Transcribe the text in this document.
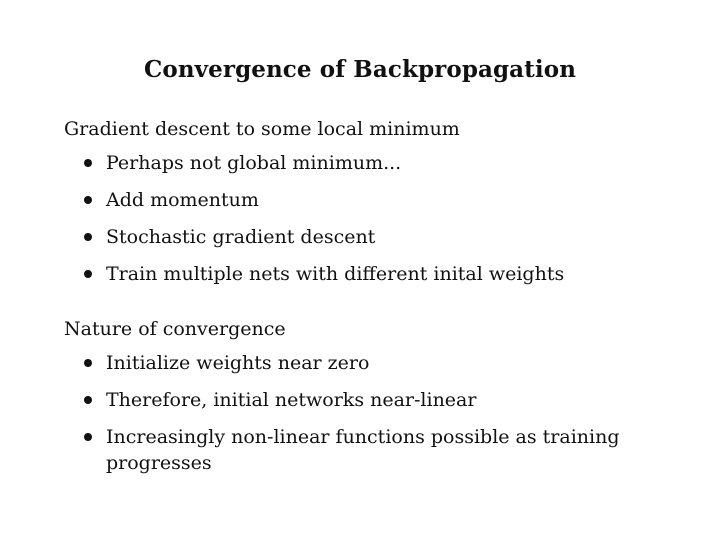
Convergence of Backpropagation
Gradient descent to some local minimum
Perhaps not global minimum...
Add momentum
Stochastic gradient descent
Train multiple nets with different inital weights
Nature of convergence
Initialize weights near zero
Therefore, initial networks near-linear
Increasingly non-linear functions possible as training progresses
